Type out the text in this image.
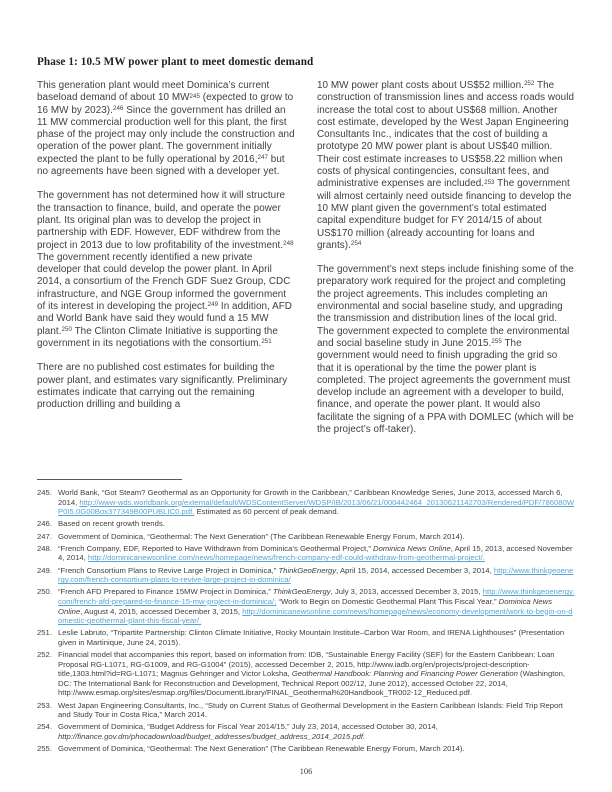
Phase 1: 10.5 MW power plant to meet domestic demand

This generation plant would meet Dominica’s current baseload demand of about 10 MW$^{245}$ (expected to grow to 16 MW by 2023).$^{246}$ Since the government has drilled an 11 MW commercial production well for this plant, the first phase of the project may only include the construction and operation of the power plant. The government initially expected the plant to be fully operational by 2016,$^{247}$ but no agreements have been signed with a developer yet.

The government has not determined how it will structure the transaction to finance, build, and operate the power plant. Its original plan was to develop the project in partnership with EDF. However, EDF withdrew from the project in 2013 due to low profitability of the investment.$^{248}$ The government recently identified a new private developer that could develop the power plant. In April 2014, a consortium of the French GDF Suez Group, CDC infrastructure, and NGE Group informed the government of its interest in developing the project.$^{249}$ In addition, AFD and World Bank have said they would fund a 15 MW plant.$^{250}$ The Clinton Climate Initiative is supporting the government in its negotiations with the consortium.$^{251}$

There are no published cost estimates for building the power plant, and estimates vary significantly. Preliminary estimates indicate that carrying out the remaining production drilling and building a

10 MW power plant costs about US$52 million.$^{252}$ The construction of transmission lines and access roads would increase the total cost to about US$68 million. Another cost estimate, developed by the West Japan Engineering Consultants Inc., indicates that the cost of building a prototype 20 MW power plant is about US$40 million. Their cost estimate increases to US$58.22 million when costs of physical contingencies, consultant fees, and administrative expenses are included.$^{253}$ The government will almost certainly need outside financing to develop the 10 MW plant given the government’s total estimated capital expenditure budget for FY 2014/15 of about US$170 million (already accounting for loans and grants).$^{254}$

The government’s next steps include finishing some of the preparatory work required for the project and completing the project agreements. This includes completing an environmental and social baseline study, and upgrading the transmission and distribution lines of the local grid. The government expected to complete the environmental and social baseline study in June 2015.$^{255}$ The government would need to finish upgrading the grid so that it is operational by the time the power plant is completed. The project agreements the government must develop include an agreement with a developer to build, finance, and operate the power plant. It would also facilitate the signing of a PPA with DOMLEC (which will be the project’s off-taker).

245. World Bank, “Got Steam? Geothermal as an Opportunity for Growth in the Caribbean,” Caribbean Knowledge Series, June 2013, accessed March 6, 2014, http://www-wds.worldbank.org/external/default/WDSContentServer/WDSP/IB/2013/06/21/000442464_20130621142703/Rendered/PDF/786080WP0I5.0G00Box377349B00PUBLIC0.pdf. Estimated as 60 percent of peak demand.
246. Based on recent growth trends.
247. Government of Dominica, “Geothermal: The Next Generation” (The Caribbean Renewable Energy Forum, March 2014).
248. “French Company, EDF, Reported to Have Withdrawn from Dominica’s Geothermal Project,” Dominica News Online, April 15, 2013, accesed November 4, 2014, http://dominicanewsonline.com/news/homepage/news/french-company-edf-could-withdraw-from-geothermal-project/.
249. “French Consortium Plans to Revive Large Project in Dominica,” ThinkGeoEnergy, April 15, 2014, accessed December 3, 2014, http://www.thinkgeoenergy.com/french-consortium-plans-to-revive-large-project-in-dominica/
250. “French AFD Prepared to Finance 15MW Project in Dominica,” ThinkGeoEnergy, July 3, 2013, accessed December 3, 2015, http://www.thinkgeoenergy.com/french-afd-prepared-to-finance-15-mw-project-in-dominica/; “Work to Begin on Domestic Geothermal Plant This Fiscal Year,” Dominica News Online, August 4, 2015, accessed December 3, 2015, http://dominicanewsonline.com/news/homepage/news/economy-development/work-to-begin-on-domestic-geothermal-plant-this-fiscal-year/.
251. Leslie Labruto, “Tripartite Partnership: Clinton Climate Initiative, Rocky Mountain Institute–Carbon War Room, and IRENA Lighthouses” (Presentation given in Martinique, June 24, 2015).
252. Financial model that accompanies this report, based on information from: IDB, “Sustainable Energy Facility (SEF) for the Eastern Caribbean: Loan Proposal RG-L1071, RG-G1009, and RG-G1004” (2015), accessed December 2, 2015, http://www.iadb.org/en/projects/project-description-title,1303.html?id=RG-L1071; Magnus Gehringer and Victor Loksha, Geothermal Handbook: Planning and Financing Power Generation (Washington, DC: The International Bank for Reconstruction and Development, Technical Report 002/12, June 2012), accessed October 22, 2014, http://www.esmap.org/sites/esmap.org/files/DocumentLibrary/FINAL_Geothermal%20Handbook_TR002-12_Reduced.pdf.
253. West Japan Engineering Consultants, Inc., “Study on Current Status of Geothermal Development in the Eastern Caribbean Islands: Field Trip Report and Study Tour in Costa Rica,” March 2014.
254. Government of Dominica, “Budget Address for Fiscal Year 2014/15,” July 23, 2014, accessed October 30, 2014, http://finance.gov.dm/phocadownload/budget_addresses/budget_address_2014_2015.pdf.
255. Government of Dominica, “Geothermal: The Next Generation” (The Caribbean Renewable Energy Forum, March 2014).
106
